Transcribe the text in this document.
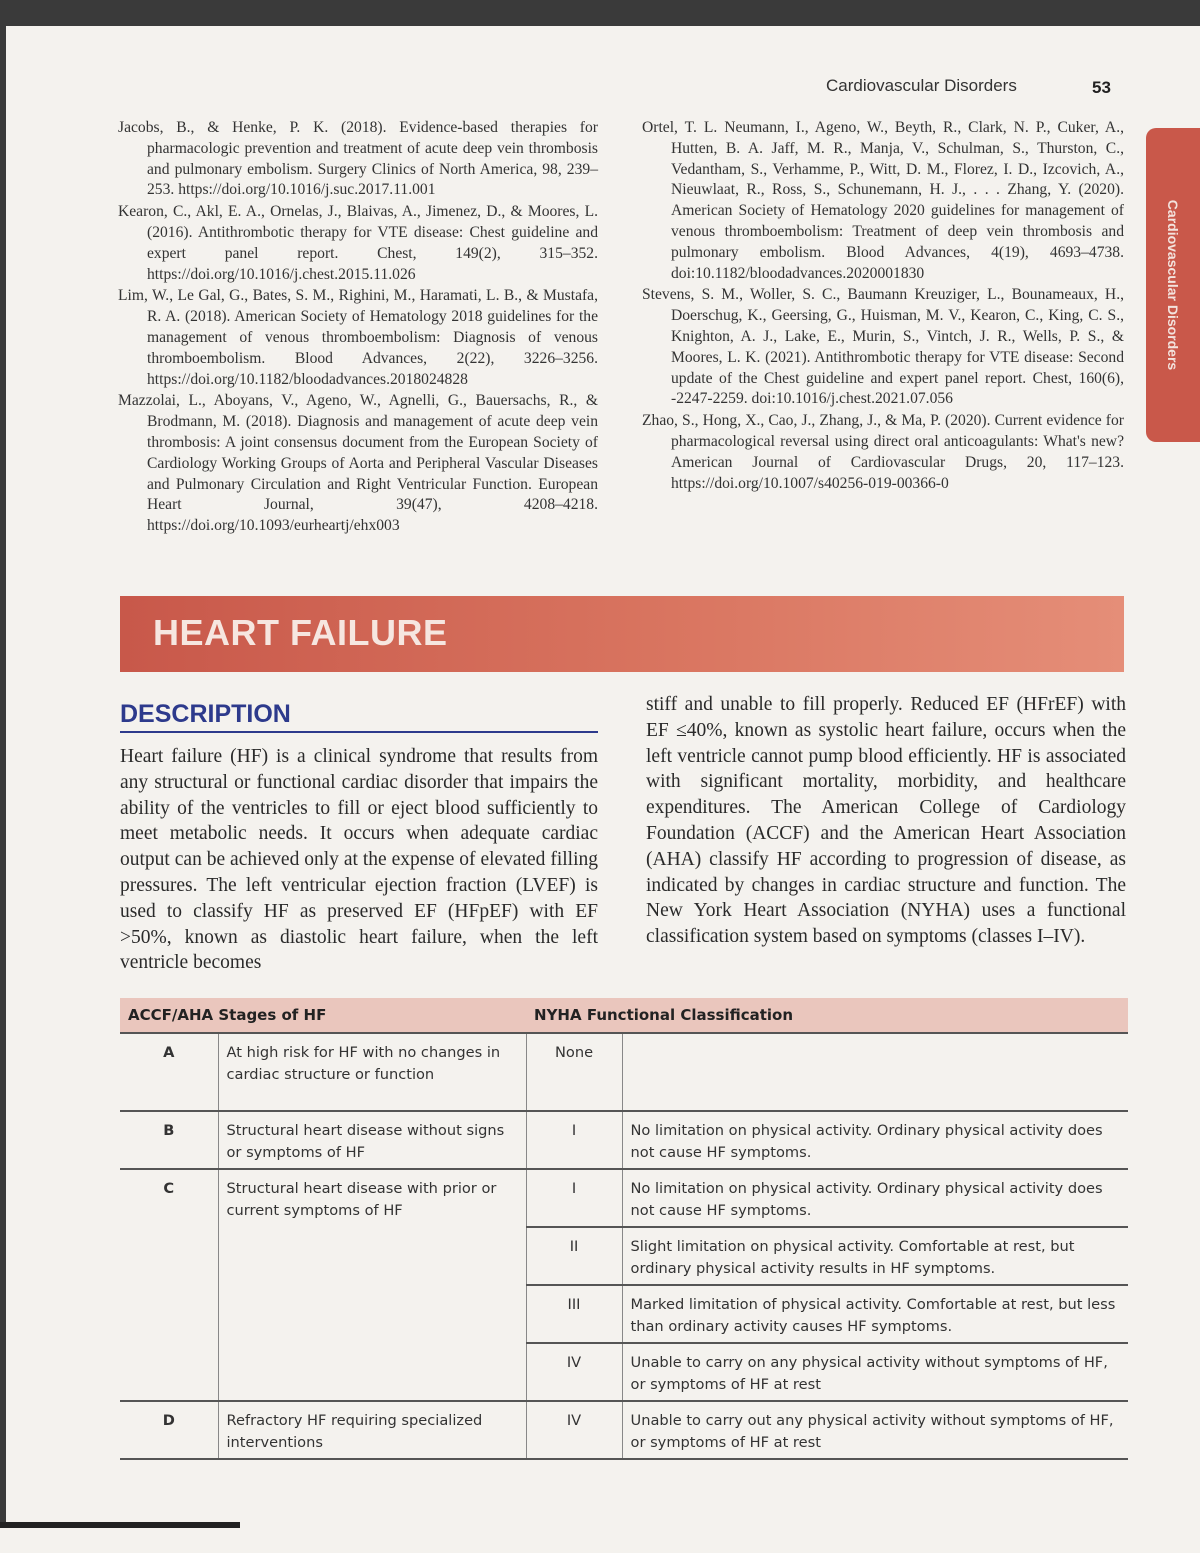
Cardiovascular Disorders	53
Cardiovascular Disorders

Jacobs, B., & Henke, P. K. (2018). Evidence-based therapies for pharmacologic prevention and treatment of acute deep vein thrombosis and pulmonary embolism. Surgery Clinics of North America, 98, 239–253. https://doi.org/10.1016/j.suc.2017.11.001

Kearon, C., Akl, E. A., Ornelas, J., Blaivas, A., Jimenez, D., & Moores, L. (2016). Antithrombotic therapy for VTE disease: Chest guideline and expert panel report. Chest, 149(2), 315–352. https://doi.org/10.1016/j.chest.2015.11.026

Lim, W., Le Gal, G., Bates, S. M., Righini, M., Haramati, L. B., & Mustafa, R. A. (2018). American Society of Hematology 2018 guidelines for the management of venous thromboembolism: Diagnosis of venous thromboembolism. Blood Advances, 2(22), 3226–3256. https://doi.org/10.1182/bloodadvances.2018024828

Mazzolai, L., Aboyans, V., Ageno, W., Agnelli, G., Bauersachs, R., & Brodmann, M. (2018). Diagnosis and management of acute deep vein thrombosis: A joint consensus document from the European Society of Cardiology Working Groups of Aorta and Peripheral Vascular Diseases and Pulmonary Circulation and Right Ventricular Function. European Heart Journal, 39(47), 4208–4218. https://doi.org/10.1093/eurheartj/ehx003

Ortel, T. L. Neumann, I., Ageno, W., Beyth, R., Clark, N. P., Cuker, A., Hutten, B. A. Jaff, M. R., Manja, V., Schulman, S., Thurston, C., Vedantham, S., Verhamme, P., Witt, D. M., Florez, I. D., Izcovich, A., Nieuwlaat, R., Ross, S., Schunemann, H. J., . . . Zhang, Y. (2020). American Society of Hematology 2020 guidelines for management of venous thromboembolism: Treatment of deep vein thrombosis and pulmonary embolism. Blood Advances, 4(19), 4693–4738. doi:10.1182/bloodadvances.2020001830

Stevens, S. M., Woller, S. C., Baumann Kreuziger, L., Bounameaux, H., Doerschug, K., Geersing, G., Huisman, M. V., Kearon, C., King, C. S., Knighton, A. J., Lake, E., Murin, S., Vintch, J. R., Wells, P. S., & Moores, L. K. (2021). Antithrombotic therapy for VTE disease: Second update of the Chest guideline and expert panel report. Chest, 160(6), -2247-2259. doi:10.1016/j.chest.2021.07.056

Zhao, S., Hong, X., Cao, J., Zhang, J., & Ma, P. (2020). Current evidence for pharmacological reversal using direct oral anticoagulants: What's new? American Journal of Cardiovascular Drugs, 20, 117–123. https://doi.org/10.1007/s40256-019-00366-0

HEART FAILURE
DESCRIPTION
Heart failure (HF) is a clinical syndrome that results from any structural or functional cardiac disorder that impairs the ability of the ventricles to fill or eject blood sufficiently to meet metabolic needs. It occurs when adequate cardiac output can be achieved only at the expense of elevated filling pressures. The left ventricular ejection fraction (LVEF) is used to classify HF as preserved EF (HFpEF) with EF >50%, known as diastolic heart failure, when the left ventricle becomes
stiff and unable to fill properly. Reduced EF (HFrEF) with EF ≤40%, known as systolic heart failure, occurs when the left ventricle cannot pump blood efficiently. HF is associated with significant mortality, morbidity, and healthcare expenditures. The American College of Cardiology Foundation (ACCF) and the American Heart Association (AHA) classify HF according to progression of disease, as indicated by changes in cardiac structure and function. The New York Heart Association (NYHA) uses a functional classification system based on symptoms (classes I–IV).
ACCF/AHA Stages of HF		NYHA Functional Classification	
A	At high risk for HF with no changes in cardiac structure or function	None	
B	Structural heart disease without signs or symptoms of HF	I	No limitation on physical activity. Ordinary physical activity does not cause HF symptoms.
C	Structural heart disease with prior or current symptoms of HF	I	No limitation on physical activity. Ordinary physical activity does not cause HF symptoms.
		II	Slight limitation on physical activity. Comfortable at rest, but ordinary physical activity results in HF symptoms.
		III	Marked limitation of physical activity. Comfortable at rest, but less than ordinary activity causes HF symptoms.
		IV	Unable to carry on any physical activity without symptoms of HF, or symptoms of HF at rest
D	Refractory HF requiring specialized interventions	IV	Unable to carry out any physical activity without symptoms of HF, or symptoms of HF at rest
